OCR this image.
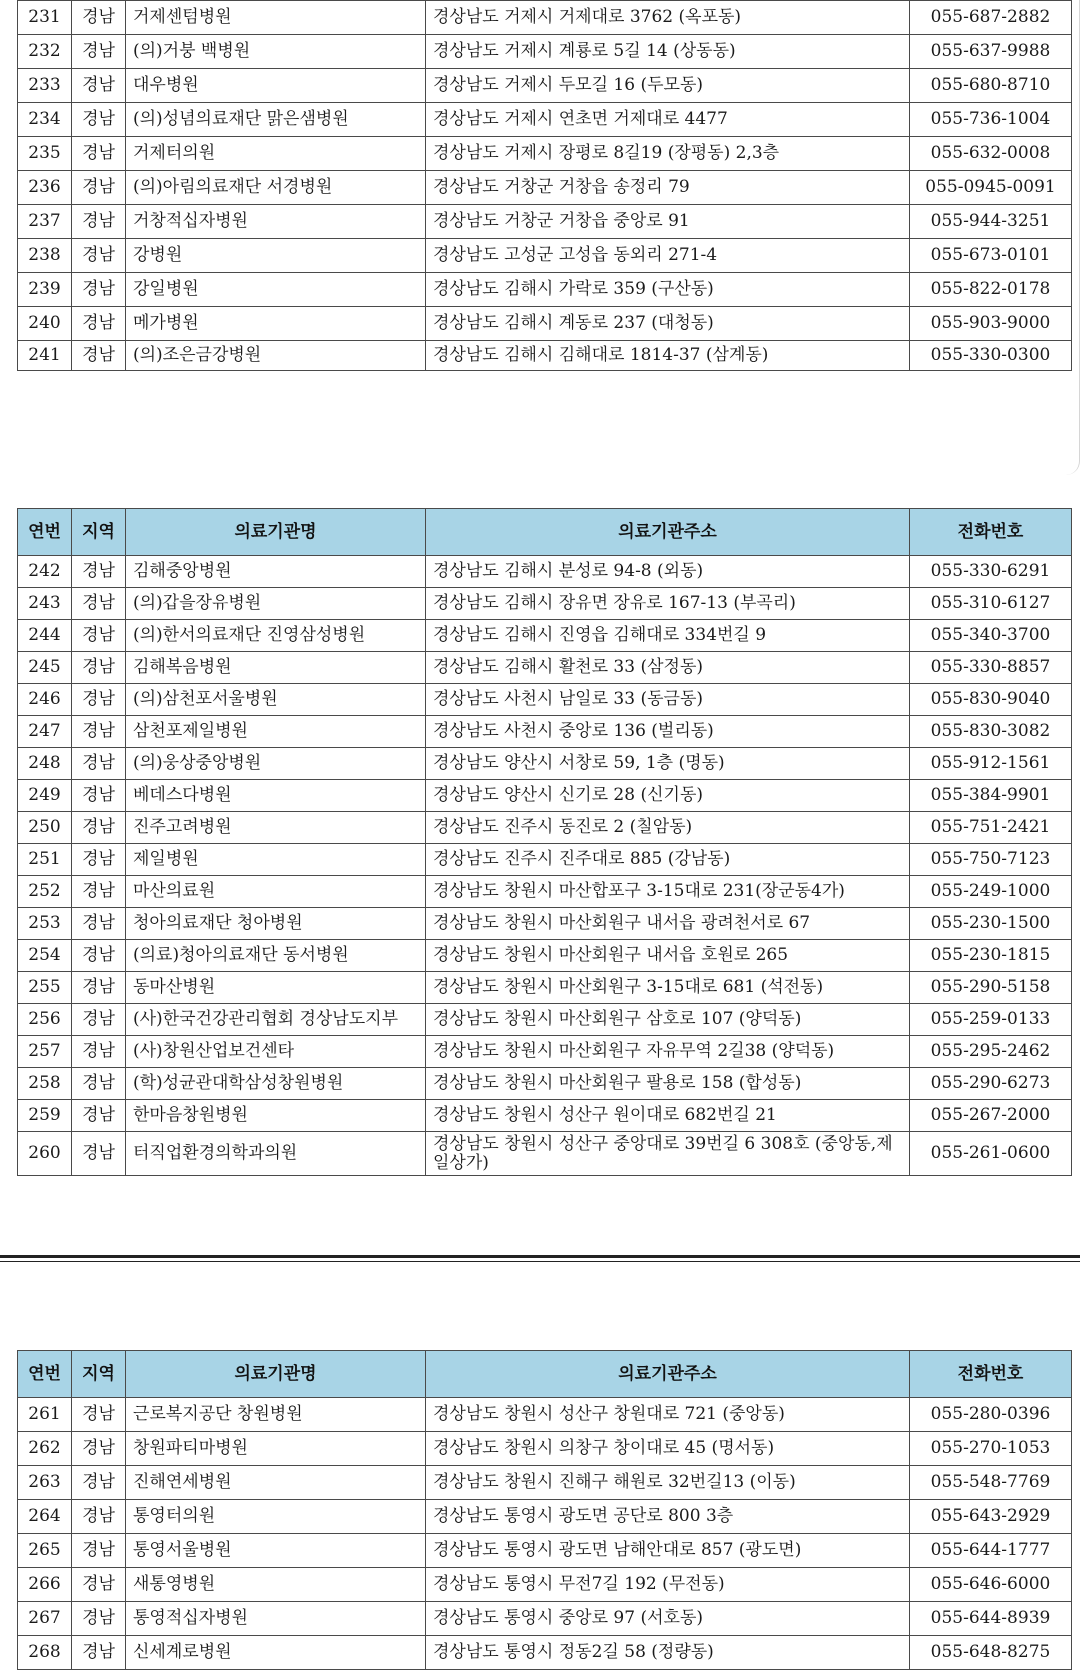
231	경남	거제센텀병원	경상남도 거제시 거제대로 3762 (옥포동)	055-687-2882
232	경남	(의)거붕 백병원	경상남도 거제시 계룡로 5길 14 (상동동)	055-637-9988
233	경남	대우병원	경상남도 거제시 두모길 16 (두모동)	055-680-8710
234	경남	(의)성념의료재단 맑은샘병원	경상남도 거제시 연초면 거제대로 4477	055-736-1004
235	경남	거제터의원	경상남도 거제시 장평로 8길19 (장평동) 2,3층	055-632-0008
236	경남	(의)아림의료재단 서경병원	경상남도 거창군 거창읍 송정리 79	055-0945-0091
237	경남	거창적십자병원	경상남도 거창군 거창읍 중앙로 91	055-944-3251
238	경남	강병원	경상남도 고성군 고성읍 동외리 271-4	055-673-0101
239	경남	강일병원	경상남도 김해시 가락로 359 (구산동)	055-822-0178
240	경남	메가병원	경상남도 김해시 계동로 237 (대청동)	055-903-9000
241	경남	(의)조은금강병원	경상남도 김해시 김해대로 1814-37 (삼계동)	055-330-0300
연번	지역	의료기관명	의료기관주소	전화번호
242	경남	김해중앙병원	경상남도 김해시 분성로 94-8 (외동)	055-330-6291
243	경남	(의)갑을장유병원	경상남도 김해시 장유면 장유로 167-13 (부곡리)	055-310-6127
244	경남	(의)한서의료재단 진영삼성병원	경상남도 김해시 진영읍 김해대로 334번길 9	055-340-3700
245	경남	김해복음병원	경상남도 김해시 활천로 33 (삼정동)	055-330-8857
246	경남	(의)삼천포서울병원	경상남도 사천시 남일로 33 (동금동)	055-830-9040
247	경남	삼천포제일병원	경상남도 사천시 중앙로 136 (벌리동)	055-830-3082
248	경남	(의)웅상중앙병원	경상남도 양산시 서창로 59, 1층 (명동)	055-912-1561
249	경남	베데스다병원	경상남도 양산시 신기로 28 (신기동)	055-384-9901
250	경남	진주고려병원	경상남도 진주시 동진로 2 (칠암동)	055-751-2421
251	경남	제일병원	경상남도 진주시 진주대로 885 (강남동)	055-750-7123
252	경남	마산의료원	경상남도 창원시 마산합포구 3-15대로 231(장군동4가)	055-249-1000
253	경남	청아의료재단 청아병원	경상남도 창원시 마산회원구 내서읍 광려천서로 67	055-230-1500
254	경남	(의료)청아의료재단 동서병원	경상남도 창원시 마산회원구 내서읍 호원로 265	055-230-1815
255	경남	동마산병원	경상남도 창원시 마산회원구 3-15대로 681 (석전동)	055-290-5158
256	경남	(사)한국건강관리협회 경상남도지부	경상남도 창원시 마산회원구 삼호로 107 (양덕동)	055-259-0133
257	경남	(사)창원산업보건센타	경상남도 창원시 마산회원구 자유무역 2길38 (양덕동)	055-295-2462
258	경남	(학)성균관대학삼성창원병원	경상남도 창원시 마산회원구 팔용로 158 (합성동)	055-290-6273
259	경남	한마음창원병원	경상남도 창원시 성산구 원이대로 682번길 21	055-267-2000
260	경남	터직업환경의학과의원	경상남도 창원시 성산구 중앙대로 39번길 6 308호 (중앙동,제일상가)	055-261-0600
연번	지역	의료기관명	의료기관주소	전화번호
261	경남	근로복지공단 창원병원	경상남도 창원시 성산구 창원대로 721 (중앙동)	055-280-0396
262	경남	창원파티마병원	경상남도 창원시 의창구 창이대로 45 (명서동)	055-270-1053
263	경남	진해연세병원	경상남도 창원시 진해구 해원로 32번길13 (이동)	055-548-7769
264	경남	통영터의원	경상남도 통영시 광도면 공단로 800 3층	055-643-2929
265	경남	통영서울병원	경상남도 통영시 광도면 남해안대로 857 (광도면)	055-644-1777
266	경남	새통영병원	경상남도 통영시 무전7길 192 (무전동)	055-646-6000
267	경남	통영적십자병원	경상남도 통영시 중앙로 97 (서호동)	055-644-8939
268	경남	신세계로병원	경상남도 통영시 정동2길 58 (정량동)	055-648-8275
